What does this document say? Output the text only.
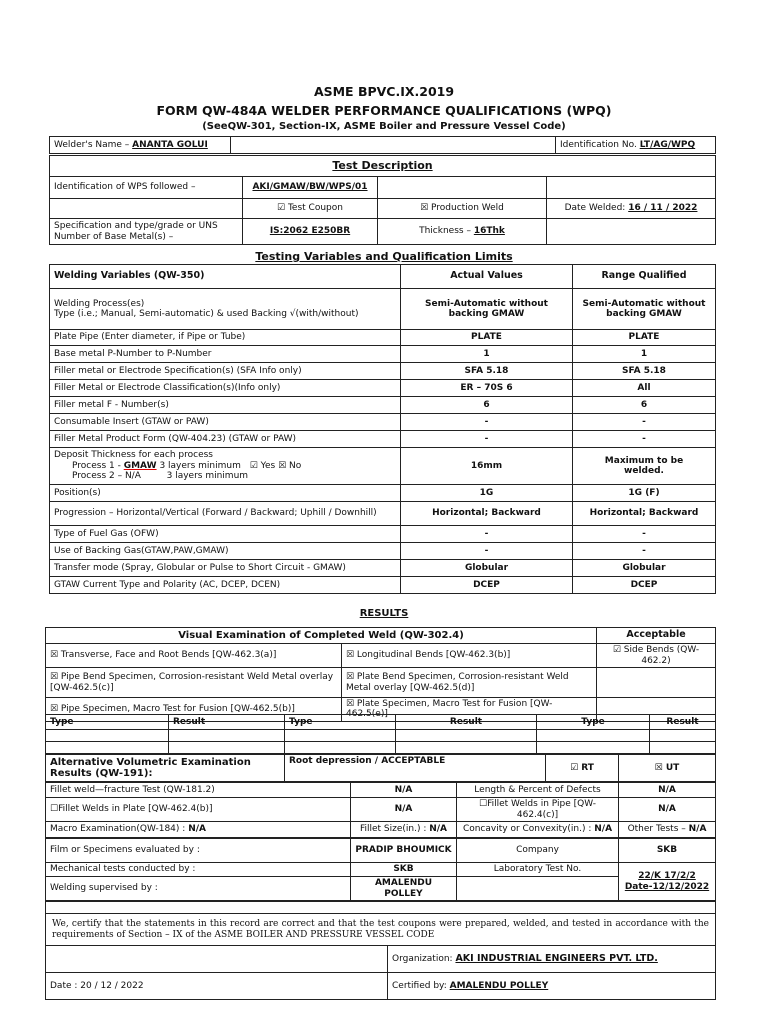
ASME BPVC.IX.2019
FORM QW-484A WELDER PERFORMANCE QUALIFICATIONS (WPQ)
(SeeQW-301, Section-IX, ASME Boiler and Pressure Vessel Code)
Welder's Name – ANANTA GOLUI		Identification No. LT/AG/WPQ
Test Description			
Identification of WPS followed –	AKI/GMAW/BW/WPS/01		
	☑ Test Coupon	☒ Production Weld	Date Welded: 16 / 11 / 2022
Specification and type/grade or UNS Number of Base Metal(s) –	IS:2062 E250BR	Thickness – 16Thk	
Testing Variables and Qualification Limits
Welding Variables (QW-350)	Actual Values	Range Qualified

Welding Process(es)
Type (i.e.; Manual, Semi-automatic) & used Backing √(with/without)	Semi-Automatic without backing GMAW	Semi-Automatic without backing GMAW
Plate Pipe (Enter diameter, if Pipe or Tube)	PLATE	PLATE
Base metal P-Number to P-Number	1	1
Filler metal or Electrode Specification(s) (SFA Info only)	SFA 5.18	SFA 5.18
Filler Metal or Electrode Classification(s)(Info only)	ER – 70S 6	All
Filler metal F - Number(s)	6	6
Consumable Insert (GTAW or PAW)	-	-
Filler Metal Product Form (QW-404.23) (GTAW or PAW)	-	-

Deposit Thickness for each process
Process 1 - GMAW 3 layers minimum ☑ Yes ☒ No
Process 2 – N/A         3 layers minimum	16mm	Maximum to be welded.
Position(s)	1G	1G (F)
Progression – Horizontal/Vertical (Forward / Backward; Uphill / Downhill)	Horizontal; Backward	Horizontal; Backward
Type of Fuel Gas (OFW)	-	-
Use of Backing Gas(GTAW,PAW,GMAW)	-	-
Transfer mode (Spray, Globular or Pulse to Short Circuit - GMAW)	Globular	Globular
GTAW Current Type and Polarity (AC, DCEP, DCEN)	DCEP	DCEP
RESULTS
Visual Examination of Completed Weld (QW-302.4)		Acceptable
☒ Transverse, Face and Root Bends [QW-462.3(a)]	☒ Longitudinal Bends [QW-462.3(b)]	☑ Side Bends (QW-462.2)
☒ Pipe Bend Specimen, Corrosion-resistant Weld Metal overlay [QW-462.5(c)]	☒ Plate Bend Specimen, Corrosion-resistant Weld Metal overlay [QW-462.5(d)]	
☒ Pipe Specimen, Macro Test for Fusion [QW-462.5(b)]	☒ Plate Specimen, Macro Test for Fusion [QW-462.5(e)]	
Type	Result	Type	Result	Type	Result

Alternative Volumetric Examination Results (QW-191):	Root depression / ACCEPTABLE	☑ RT	☒ UT
Fillet weld—fracture Test (QW-181.2)	N/A	Length & Percent of Defects	N/A
☐Fillet Welds in Plate [QW-462.4(b)]	N/A	☐Fillet Welds in Pipe [QW-462.4(c)]	N/A
Macro Examination(QW-184) : N/A	Fillet Size(in.) : N/A	Concavity or Convexity(in.) : N/A	Other Tests – N/A
Film or Specimens evaluated by :	PRADIP BHOUMICK	Company	SKB
Mechanical tests conducted by :	SKB	Laboratory Test No.	22/K 17/2/2
Date-12/12/2022

Welding supervised by :	AMALENDU POLLEY		

We, certify that the statements in this record are correct and that the test coupons were prepared, welded, and tested in accordance with the requirements of Section – IX of the ASME BOILER AND PRESSURE VESSEL CODE	
	Organization: AKI INDUSTRIAL ENGINEERS PVT. LTD.
Date : 20 / 12 / 2022	Certified by: AMALENDU POLLEY
